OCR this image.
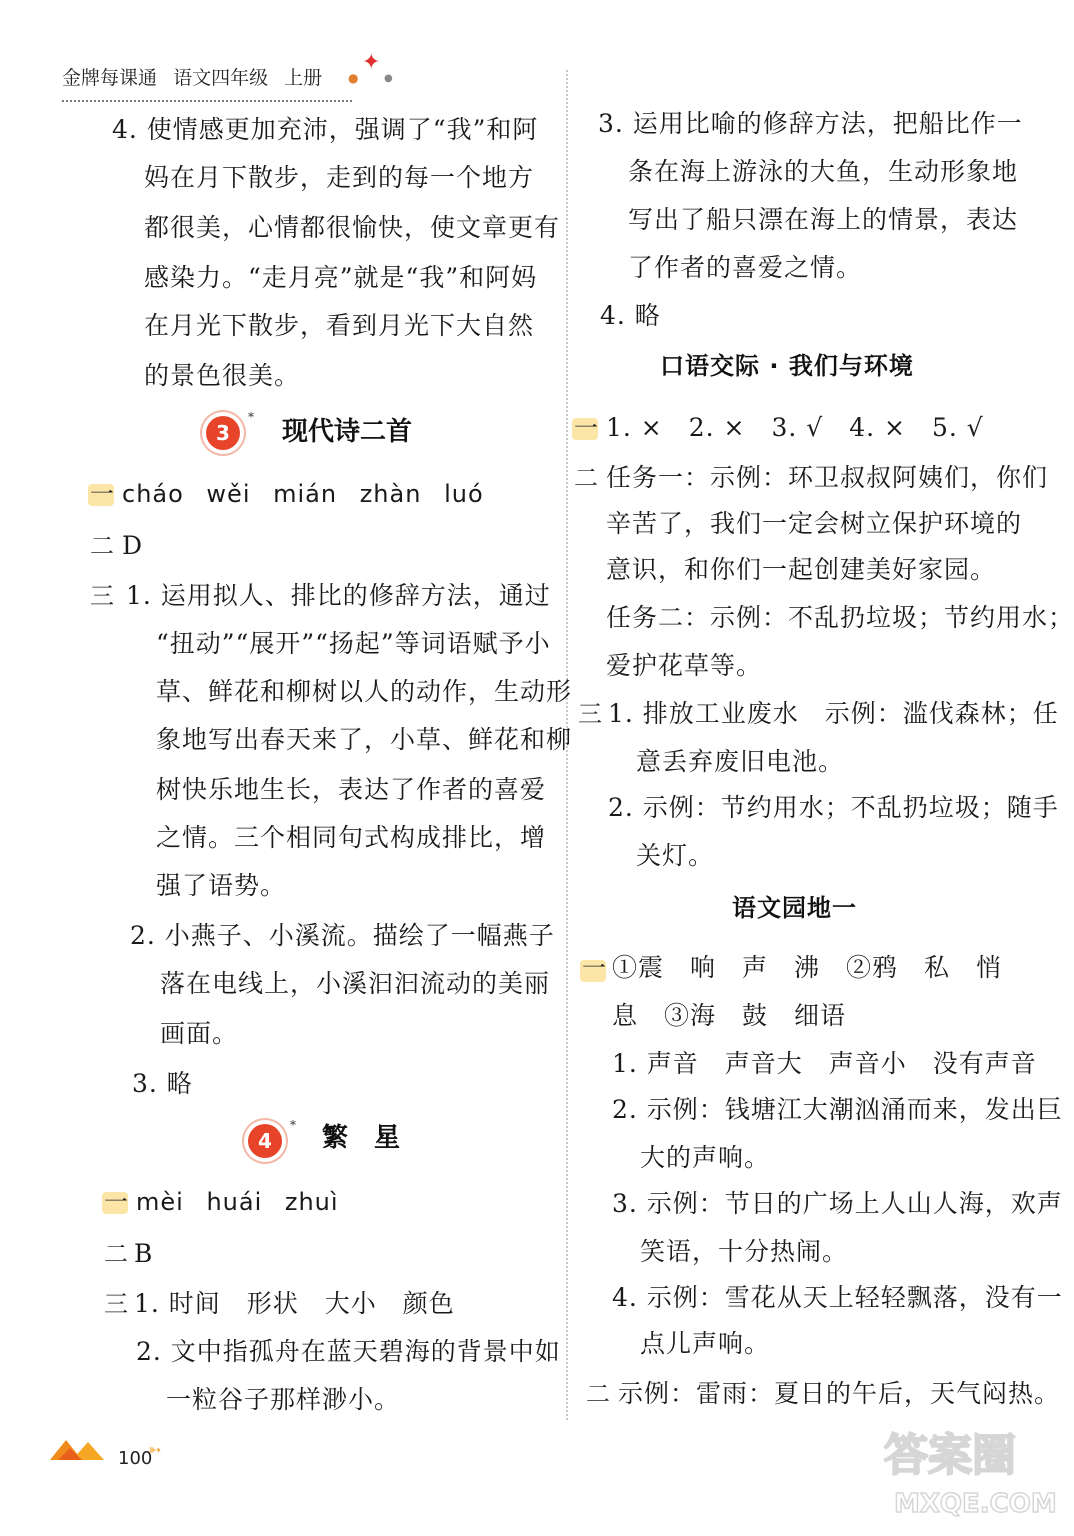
金牌每课通 语文四年级 上册
✦
●	●
4. 使情感更加充沛，强调了“我”和阿
妈在月下散步，走到的每一个地方
都很美，心情都很愉快，使文章更有
感染力。“走月亮”就是“我”和阿妈
在月光下散步，看到月光下大自然
的景色很美。
3
* 现代诗二首
一 cháo wěi mián zhàn luó
二 D
三 1. 运用拟人、排比的修辞方法，通过
“扭动”“展开”“扬起”等词语赋予小
草、鲜花和柳树以人的动作，生动形
象地写出春天来了，小草、鲜花和柳
树快乐地生长，表达了作者的喜爱
之情。三个相同句式构成排比，增
强了语势。
2. 小燕子、小溪流。描绘了一幅燕子
落在电线上，小溪汩汩流动的美丽
画面。
3. 略
4
* 繁　星
一 mèi huái zhuì
二 B
三 1. 时间　形状　大小　颜色
2. 文中指孤舟在蓝天碧海的背景中如
一粒谷子那样渺小。
3. 运用比喻的修辞方法，把船比作一
条在海上游泳的大鱼，生动形象地
写出了船只漂在海上的情景，表达
了作者的喜爱之情。
4. 略
口语交际 · 我们与环境
一 1. ×　2. ×　3. √　4. ×　5. √
二 任务一：示例：环卫叔叔阿姨们，你们
辛苦了，我们一定会树立保护环境的
意识，和你们一起创建美好家园。
任务二：示例：不乱扔垃圾；节约用水；
爱护花草等。
三 1. 排放工业废水　示例：滥伐森林；任
意丢弃废旧电池。
2. 示例：节约用水；不乱扔垃圾；随手
关灯。
语文园地一
一 ①震　响　声　沸　②鸦　私　悄
息　③海　鼓　细语
1. 声音　声音大　声音小　没有声音
2. 示例：钱塘江大潮汹涌而来，发出巨
大的声响。
3. 示例：节日的广场上人山人海，欢声
笑语，十分热闹。
4. 示例：雪花从天上轻轻飘落，没有一
点儿声响。
二 示例：雷雨：夏日的午后，天气闷热。
100
➳	答案圈
MXQE.COM
